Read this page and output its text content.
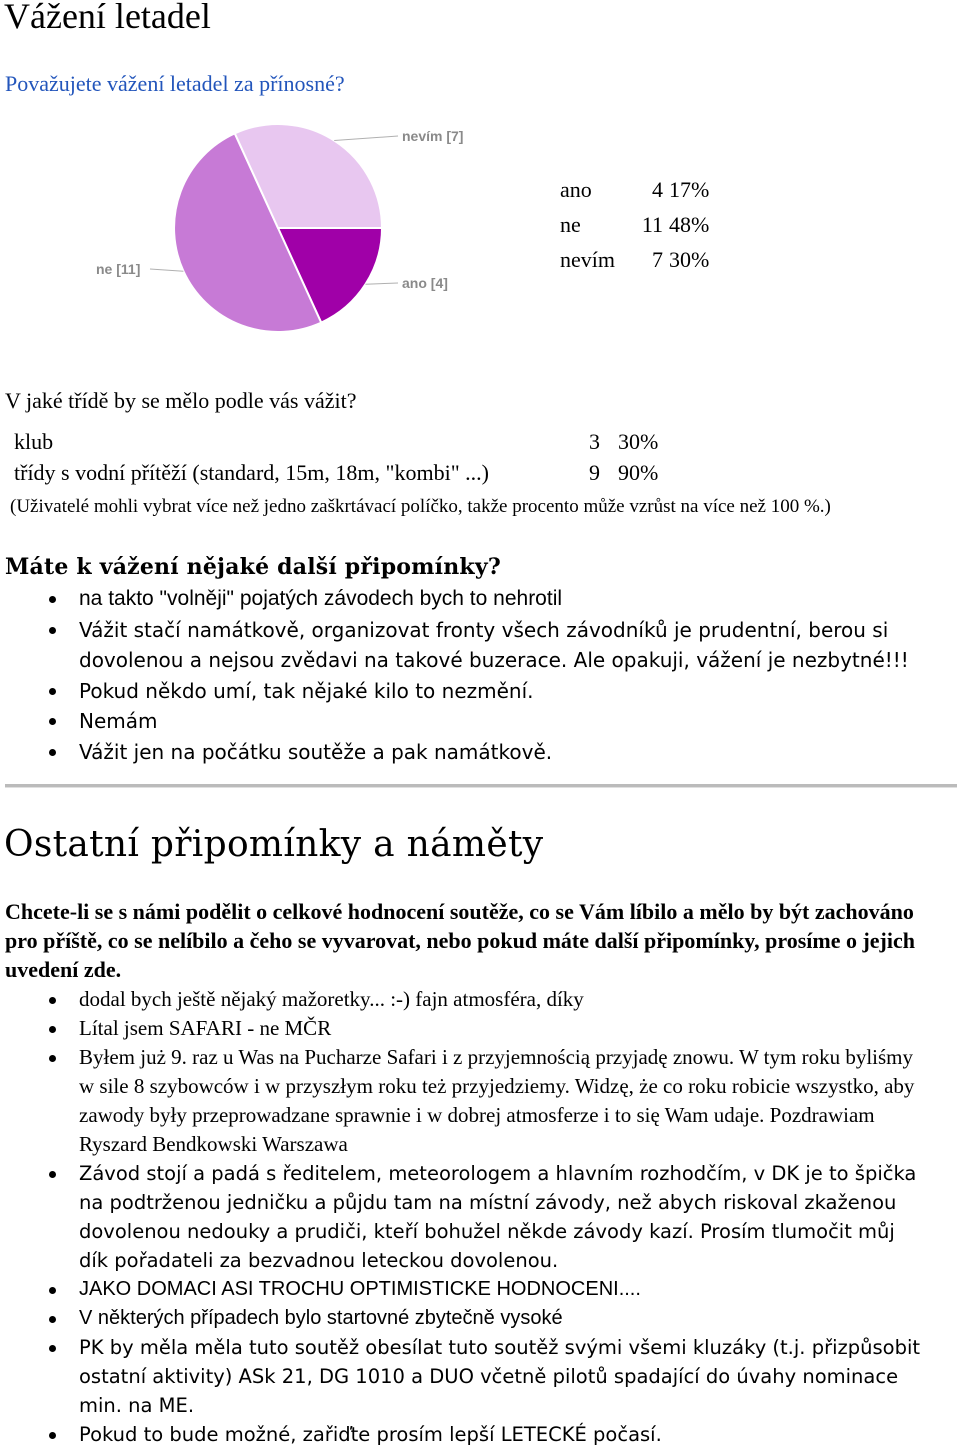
Vážení letadel
Považujete vážení letadel za přínosné?
ano [4]
ne [11]
nevím [7]
ano	4 17%
ne	11 48%
nevím	7 30%
V jaké třídě by se mělo podle vás vážit?
klub	3 30%
třídy s vodní přítěží (standard, 15m, 18m, "kombi" ...)	9 90%
(Uživatelé mohli vybrat více než jedno zaškrtávací políčko, takže procento může vzrůst na více než 100 %.)
Máte k vážení nějaké další připomínky?
na takto "volněji" pojatých závodech bych to nehrotil
Vážit stačí namátkově, organizovat fronty všech závodníků je prudentní, berou si dovolenou a nejsou zvědavi na takové buzerace. Ale opakuji, vážení je nezbytné!!!
Pokud někdo umí, tak nějaké kilo to nezmění.
Nemám
Vážit jen na počátku soutěže a pak namátkově.
Ostatní připomínky a náměty
Chcete-li se s námi podělit o celkové hodnocení soutěže, co se Vám líbilo a mělo by být zachováno pro příště, co se nelíbilo a čeho se vyvarovat, nebo pokud máte další připomínky, prosíme o jejich uvedení zde.
dodal bych ještě nějaký mažoretky... :-) fajn atmosféra, díky
Lítal jsem SAFARI - ne MČR
Byłem już 9. raz u Was na Pucharze Safari i z przyjemnością przyjadę znowu. W tym roku byliśmy w sile 8 szybowców i w przyszłym roku też przyjedziemy. Widzę, że co roku robicie wszystko, aby zawody były przeprowadzane sprawnie i w dobrej atmosferze i to się Wam udaje. Pozdrawiam Ryszard Bendkowski Warszawa
Závod stojí a padá s ředitelem, meteorologem a hlavním rozhodčím, v DK je to špička na podtrženou jedničku a půjdu tam na místní závody, než abych riskoval zkaženou dovolenou nedouky a prudiči, kteří bohužel někde závody kazí. Prosím tlumočit můj dík pořadateli za bezvadnou leteckou dovolenou.
JAKO DOMACI ASI TROCHU OPTIMISTICKE HODNOCENI....
V některých případech bylo startovné zbytečně vysoké
PK by měla měla tuto soutěž obesílat tuto soutěž svými všemi kluzáky (t.j. přizpůsobit ostatní aktivity) ASk 21, DG 1010 a DUO včetně pilotů spadající do úvahy nominace min. na ME.
Pokud to bude možné, zařiďte prosím lepší LETECKÉ počasí.
